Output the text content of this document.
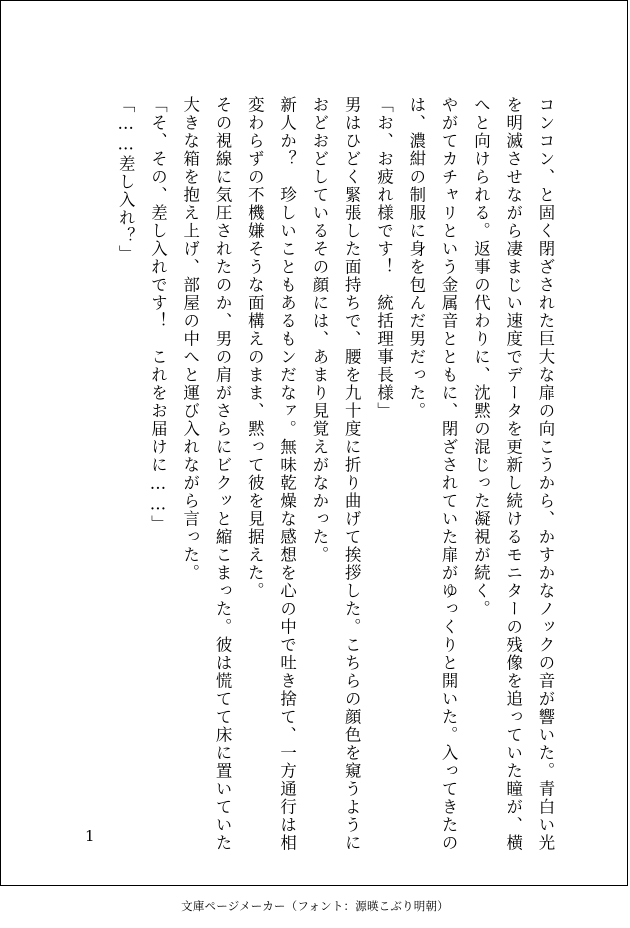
コンコン、と固く閉ざされた巨大な扉の向こうから、かすかなノックの音が響いた。青白い光を明滅させながら凄まじい速度でデータを更新し続けるモニターの残像を追っていた瞳が、横へと向けられる。返事の代わりに、沈黙の混じった凝視が続く。

やがてカチャリという金属音とともに、閉ざされていた扉がゆっくりと開いた。入ってきたのは、濃紺の制服に身を包んだ男だった。

「お、お疲れ様です！　統括理事長様」

男はひどく緊張した面持ちで、腰を九十度に折り曲げて挨拶した。こちらの顔色を窺うようにおどおどしているその顔には、あまり見覚えがなかった。

新人か？　珍しいこともあるもンだなァ。無味乾燥な感想を心の中で吐き捨て、一方通行は相変わらずの不機嫌そうな面構えのまま、黙って彼を見据えた。

その視線に気圧されたのか、男の肩がさらにビクッと縮こまった。彼は慌てて床に置いていた大きな箱を抱え上げ、部屋の中へと運び入れながら言った。

「そ、その、差し入れです！　これをお届けに……」

「……差し入れ？」

1
文庫ページメーカー（フォント：源暎こぶり明朝）
